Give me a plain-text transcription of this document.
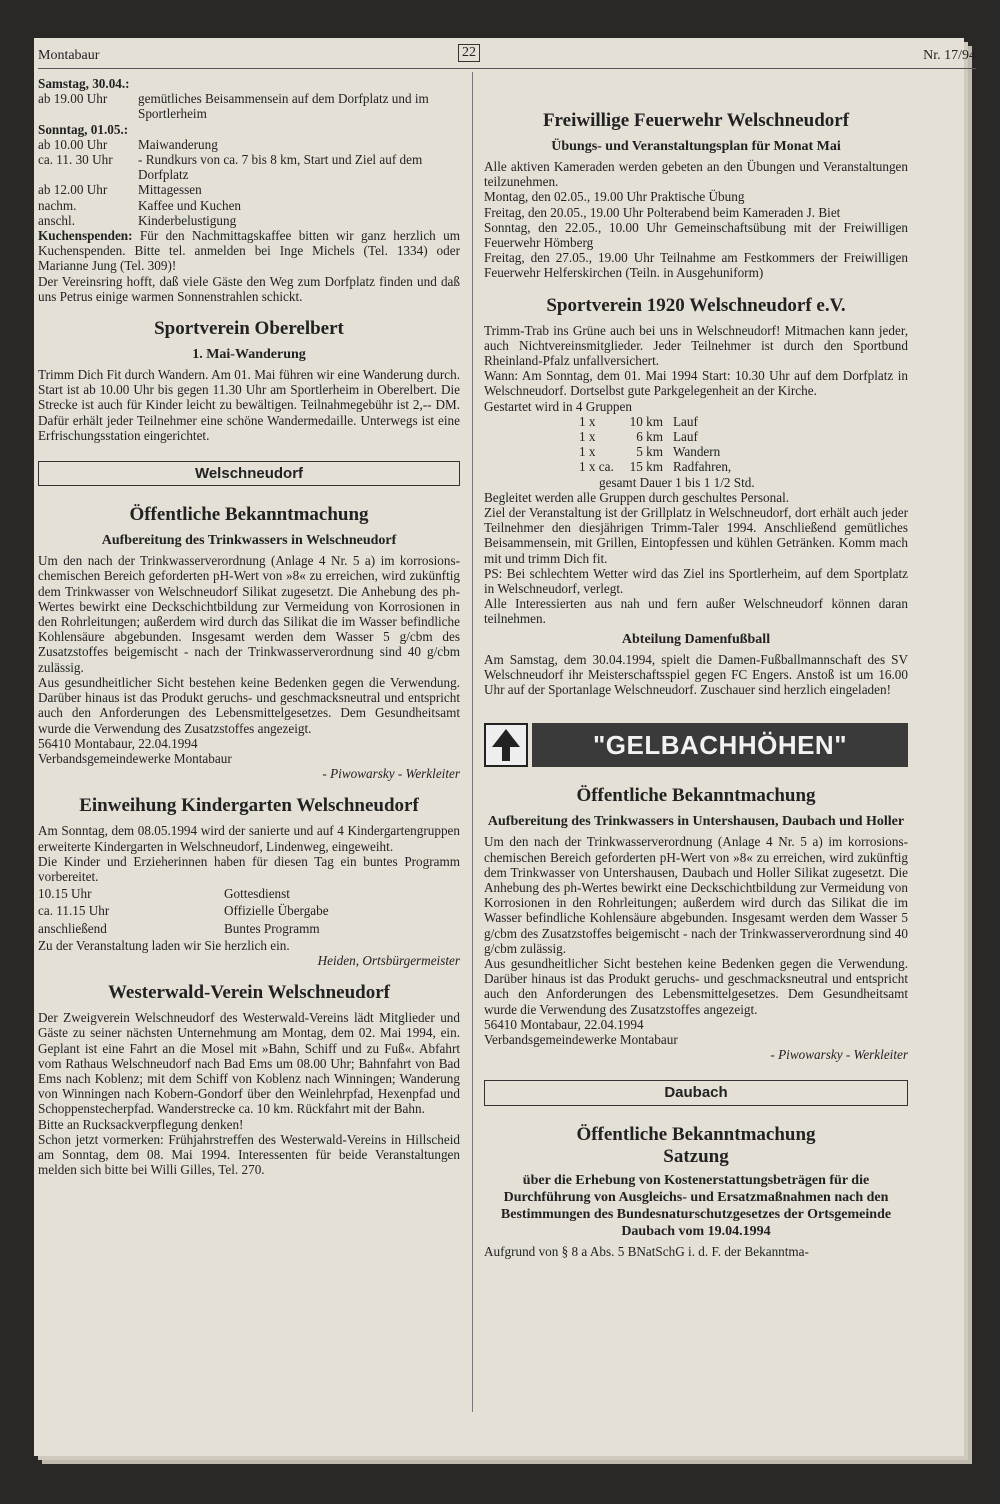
Montabaur	22	Nr. 17/94

Samstag, 30.04.:

ab 19.00 Uhr	gemütliches Beisammensein auf dem Dorfplatz und im Sportlerheim

Sonntag, 01.05.:

ab 10.00 Uhr	Maiwanderung
ca. 11. 30 Uhr	- Rundkurs von ca. 7 bis 8 km, Start und Ziel auf dem Dorfplatz
ab 12.00 Uhr	Mittagessen
nachm.	Kaffee und Kuchen
anschl.	Kinderbelustigung

Kuchenspenden: Für den Nachmittagskaffee bitten wir ganz herzlich um Kuchenspenden. Bitte tel. anmelden bei Inge Michels (Tel. 1334) oder Marianne Jung (Tel. 309)!

Der Vereinsring hofft, daß viele Gäste den Weg zum Dorfplatz finden und daß uns Petrus einige warmen Sonnenstrahlen schickt.

Sportverein Oberelbert
1. Mai-Wanderung

Trimm Dich Fit durch Wandern. Am 01. Mai führen wir eine Wanderung durch. Start ist ab 10.00 Uhr bis gegen 11.30 Uhr am Sportlerheim in Oberelbert. Die Strecke ist auch für Kinder leicht zu bewältigen. Teilnahmegebühr ist 2,-- DM. Dafür erhält jeder Teilnehmer eine schöne Wandermedaille. Unterwegs ist eine Erfrischungsstation eingerichtet.

Welschneudorf
Öffentliche Bekanntmachung
Aufbereitung des Trinkwassers in Welschneudorf

Um den nach der Trinkwasserverordnung (Anlage 4 Nr. 5 a) im korrosions-chemischen Bereich geforderten pH-Wert von »8« zu erreichen, wird zukünftig dem Trinkwasser von Welschneudorf Silikat zugesetzt. Die Anhebung des ph-Wertes bewirkt eine Deckschichtbildung zur Vermeidung von Korrosionen in den Rohrleitungen; außerdem wird durch das Silikat die im Wasser befindliche Kohlensäure abgebunden. Insgesamt werden dem Wasser 5 g/cbm des Zusatzstoffes beigemischt - nach der Trinkwasserverordnung sind 40 g/cbm zulässig.

Aus gesundheitlicher Sicht bestehen keine Bedenken gegen die Verwendung. Darüber hinaus ist das Produkt geruchs- und geschmacksneutral und entspricht auch den Anforderungen des Lebensmittelgesetzes. Dem Gesundheitsamt wurde die Verwendung des Zusatzstoffes angezeigt.

56410 Montabaur, 22.04.1994

Verbandsgemeindewerke Montabaur

- Piwowarsky - Werkleiter

Einweihung Kindergarten Welschneudorf

Am Sonntag, dem 08.05.1994 wird der sanierte und auf 4 Kindergartengruppen erweiterte Kindergarten in Welschneudorf, Lindenweg, eingeweiht.

Die Kinder und Erzieherinnen haben für diesen Tag ein buntes Programm vorbereitet.

10.15 Uhr	Gottesdienst
ca. 11.15 Uhr	Offizielle Übergabe
anschließend	Buntes Programm

Zu der Veranstaltung laden wir Sie herzlich ein.

Heiden, Ortsbürgermeister

Westerwald-Verein Welschneudorf

Der Zweigverein Welschneudorf des Westerwald-Vereins lädt Mitglieder und Gäste zu seiner nächsten Unternehmung am Montag, dem 02. Mai 1994, ein. Geplant ist eine Fahrt an die Mosel mit »Bahn, Schiff und zu Fuß«. Abfahrt vom Rathaus Welschneudorf nach Bad Ems um 08.00 Uhr; Bahnfahrt von Bad Ems nach Koblenz; mit dem Schiff von Koblenz nach Winningen; Wanderung von Winningen nach Kobern-Gondorf über den Weinlehrpfad, Hexenpfad und Schoppenstecherpfad. Wanderstrecke ca. 10 km. Rückfahrt mit der Bahn.

Bitte an Rucksackverpflegung denken!

Schon jetzt vormerken: Frühjahrstreffen des Westerwald-Vereins in Hillscheid am Sonntag, dem 08. Mai 1994. Interessenten für beide Veranstaltungen melden sich bitte bei Willi Gilles, Tel. 270.

Freiwillige Feuerwehr Welschneudorf
Übungs- und Veranstaltungsplan für Monat Mai

Alle aktiven Kameraden werden gebeten an den Übungen und Veranstaltungen teilzunehmen.

Montag, den 02.05., 19.00 Uhr Praktische Übung

Freitag, den 20.05., 19.00 Uhr Polterabend beim Kameraden J. Biet

Sonntag, den 22.05., 10.00 Uhr Gemeinschaftsübung mit der Freiwilligen Feuerwehr Hömberg

Freitag, den 27.05., 19.00 Uhr Teilnahme am Festkommers der Freiwilligen Feuerwehr Helferskirchen (Teiln. in Ausgehuniform)

Sportverein 1920 Welschneudorf e.V.

Trimm-Trab ins Grüne auch bei uns in Welschneudorf! Mitmachen kann jeder, auch Nichtvereinsmitglieder. Jeder Teilnehmer ist durch den Sportbund Rheinland-Pfalz unfallversichert.

Wann: Am Sonntag, dem 01. Mai 1994 Start: 10.30 Uhr auf dem Dorfplatz in Welschneudorf. Dortselbst gute Parkgelegenheit an der Kirche.

Gestartet wird in 4 Gruppen

1 x	10 km Lauf
1 x	6 km Lauf
1 x	5 km Wandern
1 x ca.	15 km Radfahren,

gesamt Dauer 1 bis 1 1/2 Std.

Begleitet werden alle Gruppen durch geschultes Personal.

Ziel der Veranstaltung ist der Grillplatz in Welschneudorf, dort erhält auch jeder Teilnehmer den diesjährigen Trimm-Taler 1994. Anschließend gemütliches Beisammensein, mit Grillen, Eintopfessen und kühlen Getränken. Komm mach mit und trimm Dich fit.

PS: Bei schlechtem Wetter wird das Ziel ins Sportlerheim, auf dem Sportplatz in Welschneudorf, verlegt.

Alle Interessierten aus nah und fern außer Welschneudorf können daran teilnehmen.

Abteilung Damenfußball

Am Samstag, dem 30.04.1994, spielt die Damen-Fußballmannschaft des SV Welschneudorf ihr Meisterschaftsspiel gegen FC Engers. Anstoß ist um 16.00 Uhr auf der Sportanlage Welschneudorf. Zuschauer sind herzlich eingeladen!

"GELBACHHÖHEN"
Öffentliche Bekanntmachung
Aufbereitung des Trinkwassers in Untershausen, Daubach und Holler

Um den nach der Trinkwasserverordnung (Anlage 4 Nr. 5 a) im korrosions-chemischen Bereich geforderten pH-Wert von »8« zu erreichen, wird zukünftig dem Trinkwasser von Untershausen, Daubach und Holler Silikat zugesetzt. Die Anhebung des ph-Wertes bewirkt eine Deckschichtbildung zur Vermeidung von Korrosionen in den Rohrleitungen; außerdem wird durch das Silikat die im Wasser befindliche Kohlensäure abgebunden. Insgesamt werden dem Wasser 5 g/cbm des Zusatzstoffes beigemischt - nach der Trinkwasserverordnung sind 40 g/cbm zulässig.

Aus gesundheitlicher Sicht bestehen keine Bedenken gegen die Verwendung. Darüber hinaus ist das Produkt geruchs- und geschmacksneutral und entspricht auch den Anforderungen des Lebensmittelgesetzes. Dem Gesundheitsamt wurde die Verwendung des Zusatzstoffes angezeigt.

56410 Montabaur, 22.04.1994

Verbandsgemeindewerke Montabaur

- Piwowarsky - Werkleiter

Daubach
Öffentliche Bekanntmachung
Satzung
über die Erhebung von Kostenerstattungsbeträgen für die Durchführung von Ausgleichs- und Ersatzmaßnahmen nach den Bestimmungen des Bundesnaturschutzgesetzes der Ortsgemeinde Daubach vom 19.04.1994

Aufgrund von § 8 a Abs. 5 BNatSchG i. d. F. der Bekanntma-
